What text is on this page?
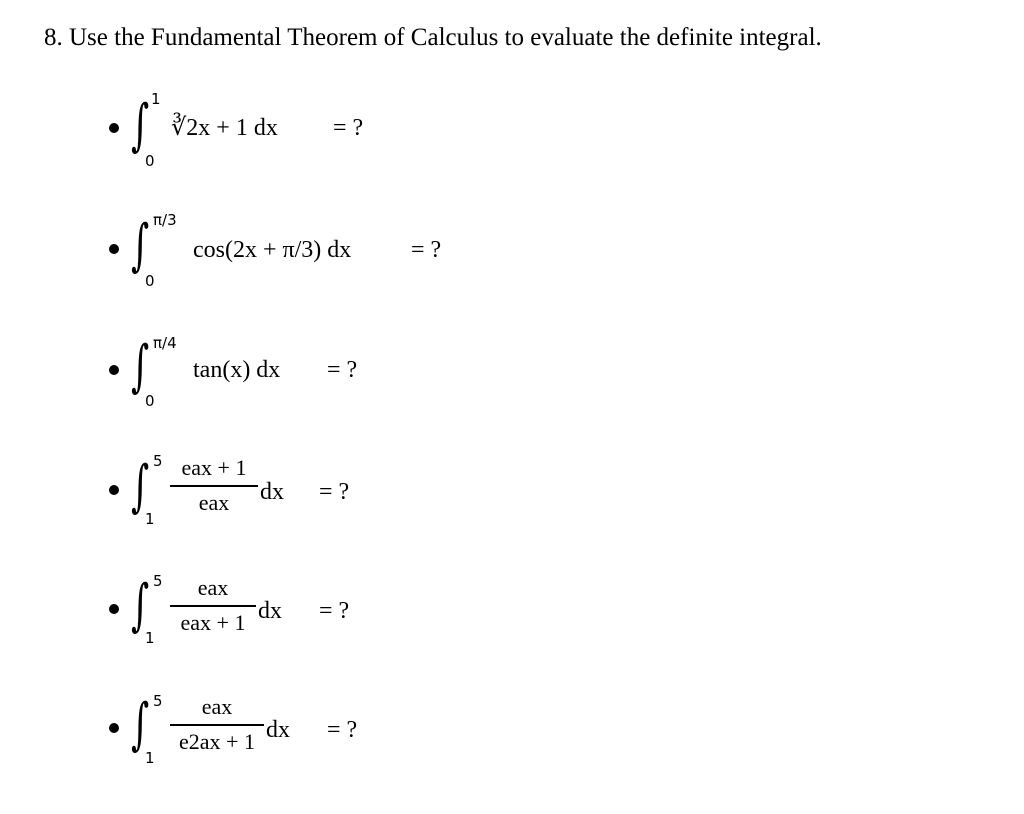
8. Use the Fundamental Theorem of Calculus to evaluate the definite integral.
∫ 1
0
∛2x + 1 dx = ?
∫ π/3
0
cos(2x + π/3) dx = ?
∫ π/4
0
tan(x) dx = ?
∫ 5
1
eax + 1
eax	dx = ?
∫ 5
1
eax
eax + 1 dx = ?
∫ 5
1
eax
e2ax + 1 dx = ?
